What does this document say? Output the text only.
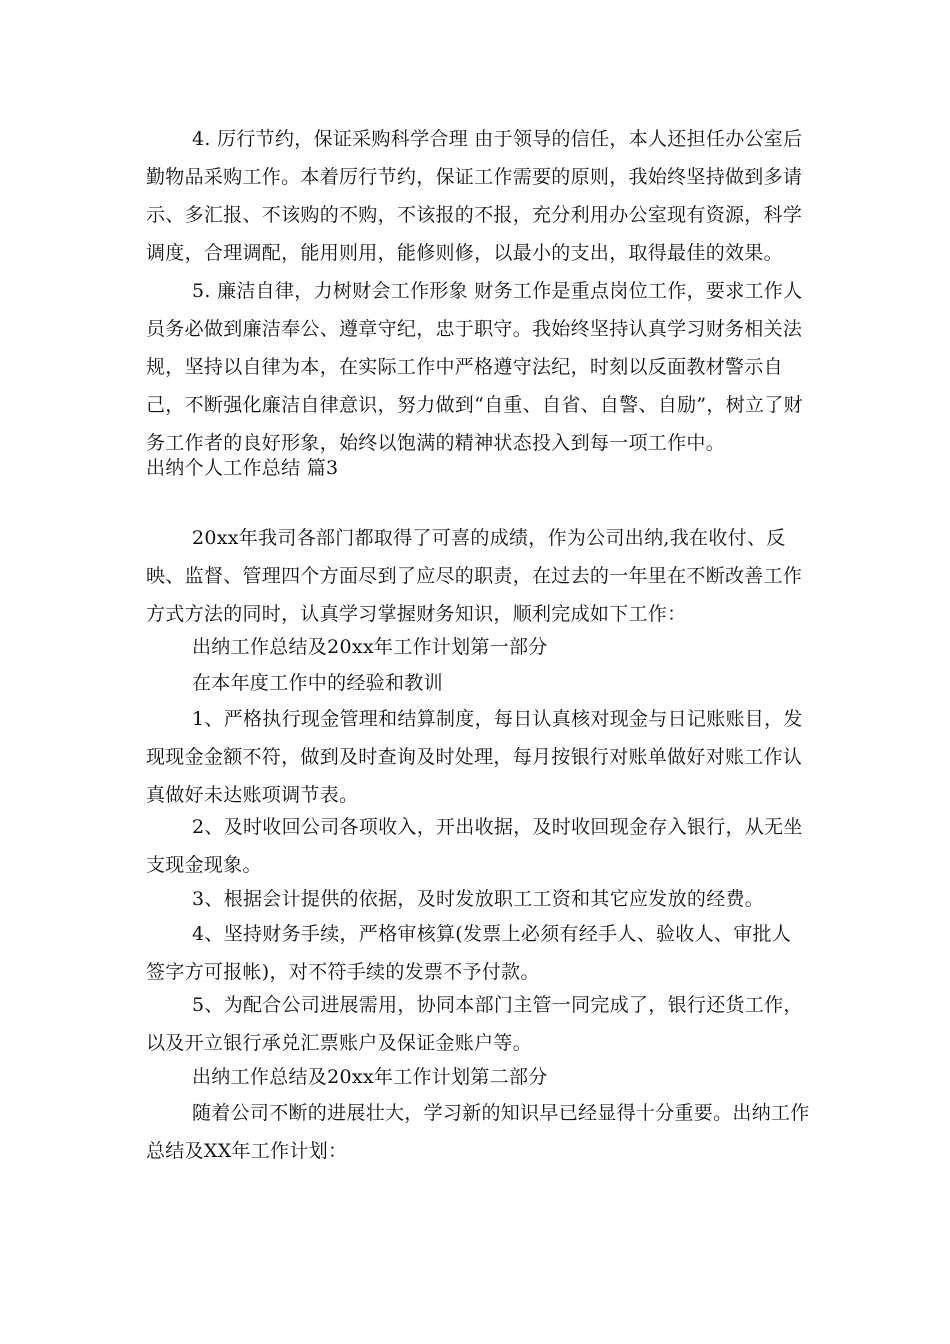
4. 厉行节约，保证采购科学合理 由于领导的信任，本人还担任办公室后勤物品采购工作。本着厉行节约，保证工作需要的原则，我始终坚持做到多请示、多汇报、不该购的不购，不该报的不报，充分利用办公室现有资源，科学调度，合理调配，能用则用，能修则修，以最小的支出，取得最佳的效果。

5. 廉洁自律，力树财会工作形象 财务工作是重点岗位工作，要求工作人员务必做到廉洁奉公、遵章守纪，忠于职守。我始终坚持认真学习财务相关法规，坚持以自律为本，在实际工作中严格遵守法纪，时刻以反面教材警示自己，不断强化廉洁自律意识，努力做到“自重、自省、自警、自励”，树立了财务工作者的良好形象，始终以饱满的精神状态投入到每一项工作中。

出纳个人工作总结 篇3

20xx年我司各部门都取得了可喜的成绩，作为公司出纳,我在收付、反映、监督、管理四个方面尽到了应尽的职责，在过去的一年里在不断改善工作方式方法的同时，认真学习掌握财务知识，顺利完成如下工作：

出纳工作总结及20xx年工作计划第一部分

在本年度工作中的经验和教训

1、严格执行现金管理和结算制度，每日认真核对现金与日记账账目，发现现金金额不符，做到及时查询及时处理，每月按银行对账单做好对账工作认真做好未达账项调节表。

2、及时收回公司各项收入，开出收据，及时收回现金存入银行，从无坐支现金现象。

3、根据会计提供的依据，及时发放职工工资和其它应发放的经费。

4、坚持财务手续，严格审核算(发票上必须有经手人、验收人、审批人签字方可报帐)，对不符手续的发票不予付款。

5、为配合公司进展需用，协同本部门主管一同完成了，银行还货工作，以及开立银行承兑汇票账户及保证金账户等。

出纳工作总结及20xx年工作计划第二部分

随着公司不断的进展壮大，学习新的知识早已经显得十分重要。出纳工作总结及XX年工作计划：
